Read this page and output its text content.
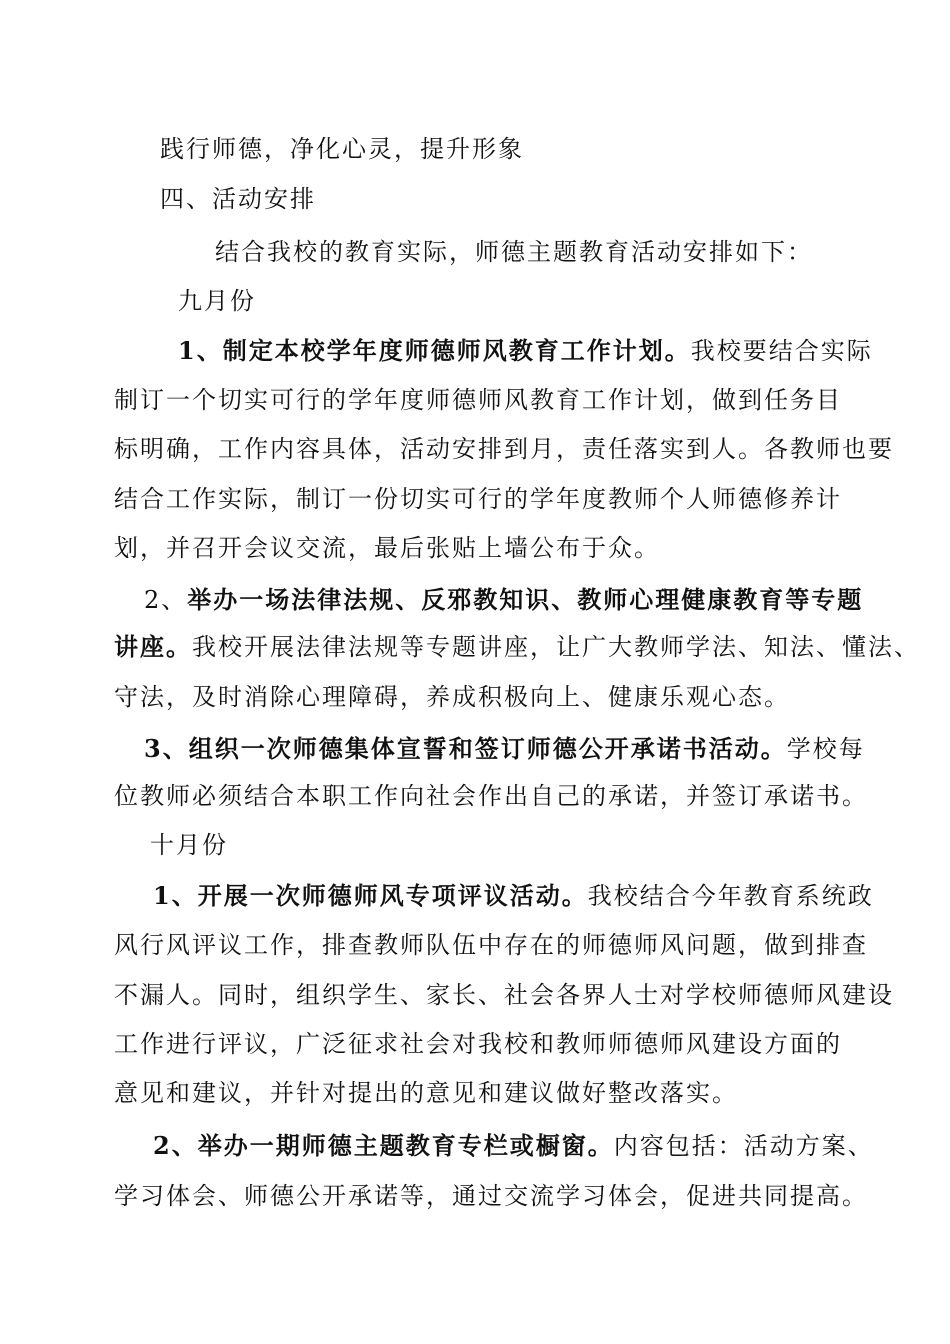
践行师德，净化心灵，提升形象
四、活动安排
结合我校的教育实际，师德主题教育活动安排如下：
九月份
1、制定本校学年度师德师风教育工作计划。我校要结合实际
制订一个切实可行的学年度师德师风教育工作计划，做到任务目
标明确，工作内容具体，活动安排到月，责任落实到人。各教师也要
结合工作实际，制订一份切实可行的学年度教师个人师德修养计
划，并召开会议交流，最后张贴上墙公布于众。
2、举办一场法律法规、反邪教知识、教师心理健康教育等专题
讲座。我校开展法律法规等专题讲座，让广大教师学法、知法、懂法、
守法，及时消除心理障碍，养成积极向上、健康乐观心态。
3、组织一次师德集体宣誓和签订师德公开承诺书活动。学校每
位教师必须结合本职工作向社会作出自己的承诺，并签订承诺书。
十月份
1、开展一次师德师风专项评议活动。我校结合今年教育系统政
风行风评议工作，排查教师队伍中存在的师德师风问题，做到排查
不漏人。同时，组织学生、家长、社会各界人士对学校师德师风建设
工作进行评议，广泛征求社会对我校和教师师德师风建设方面的
意见和建议，并针对提出的意见和建议做好整改落实。
2、举办一期师德主题教育专栏或橱窗。内容包括：活动方案、
学习体会、师德公开承诺等，通过交流学习体会，促进共同提高。
